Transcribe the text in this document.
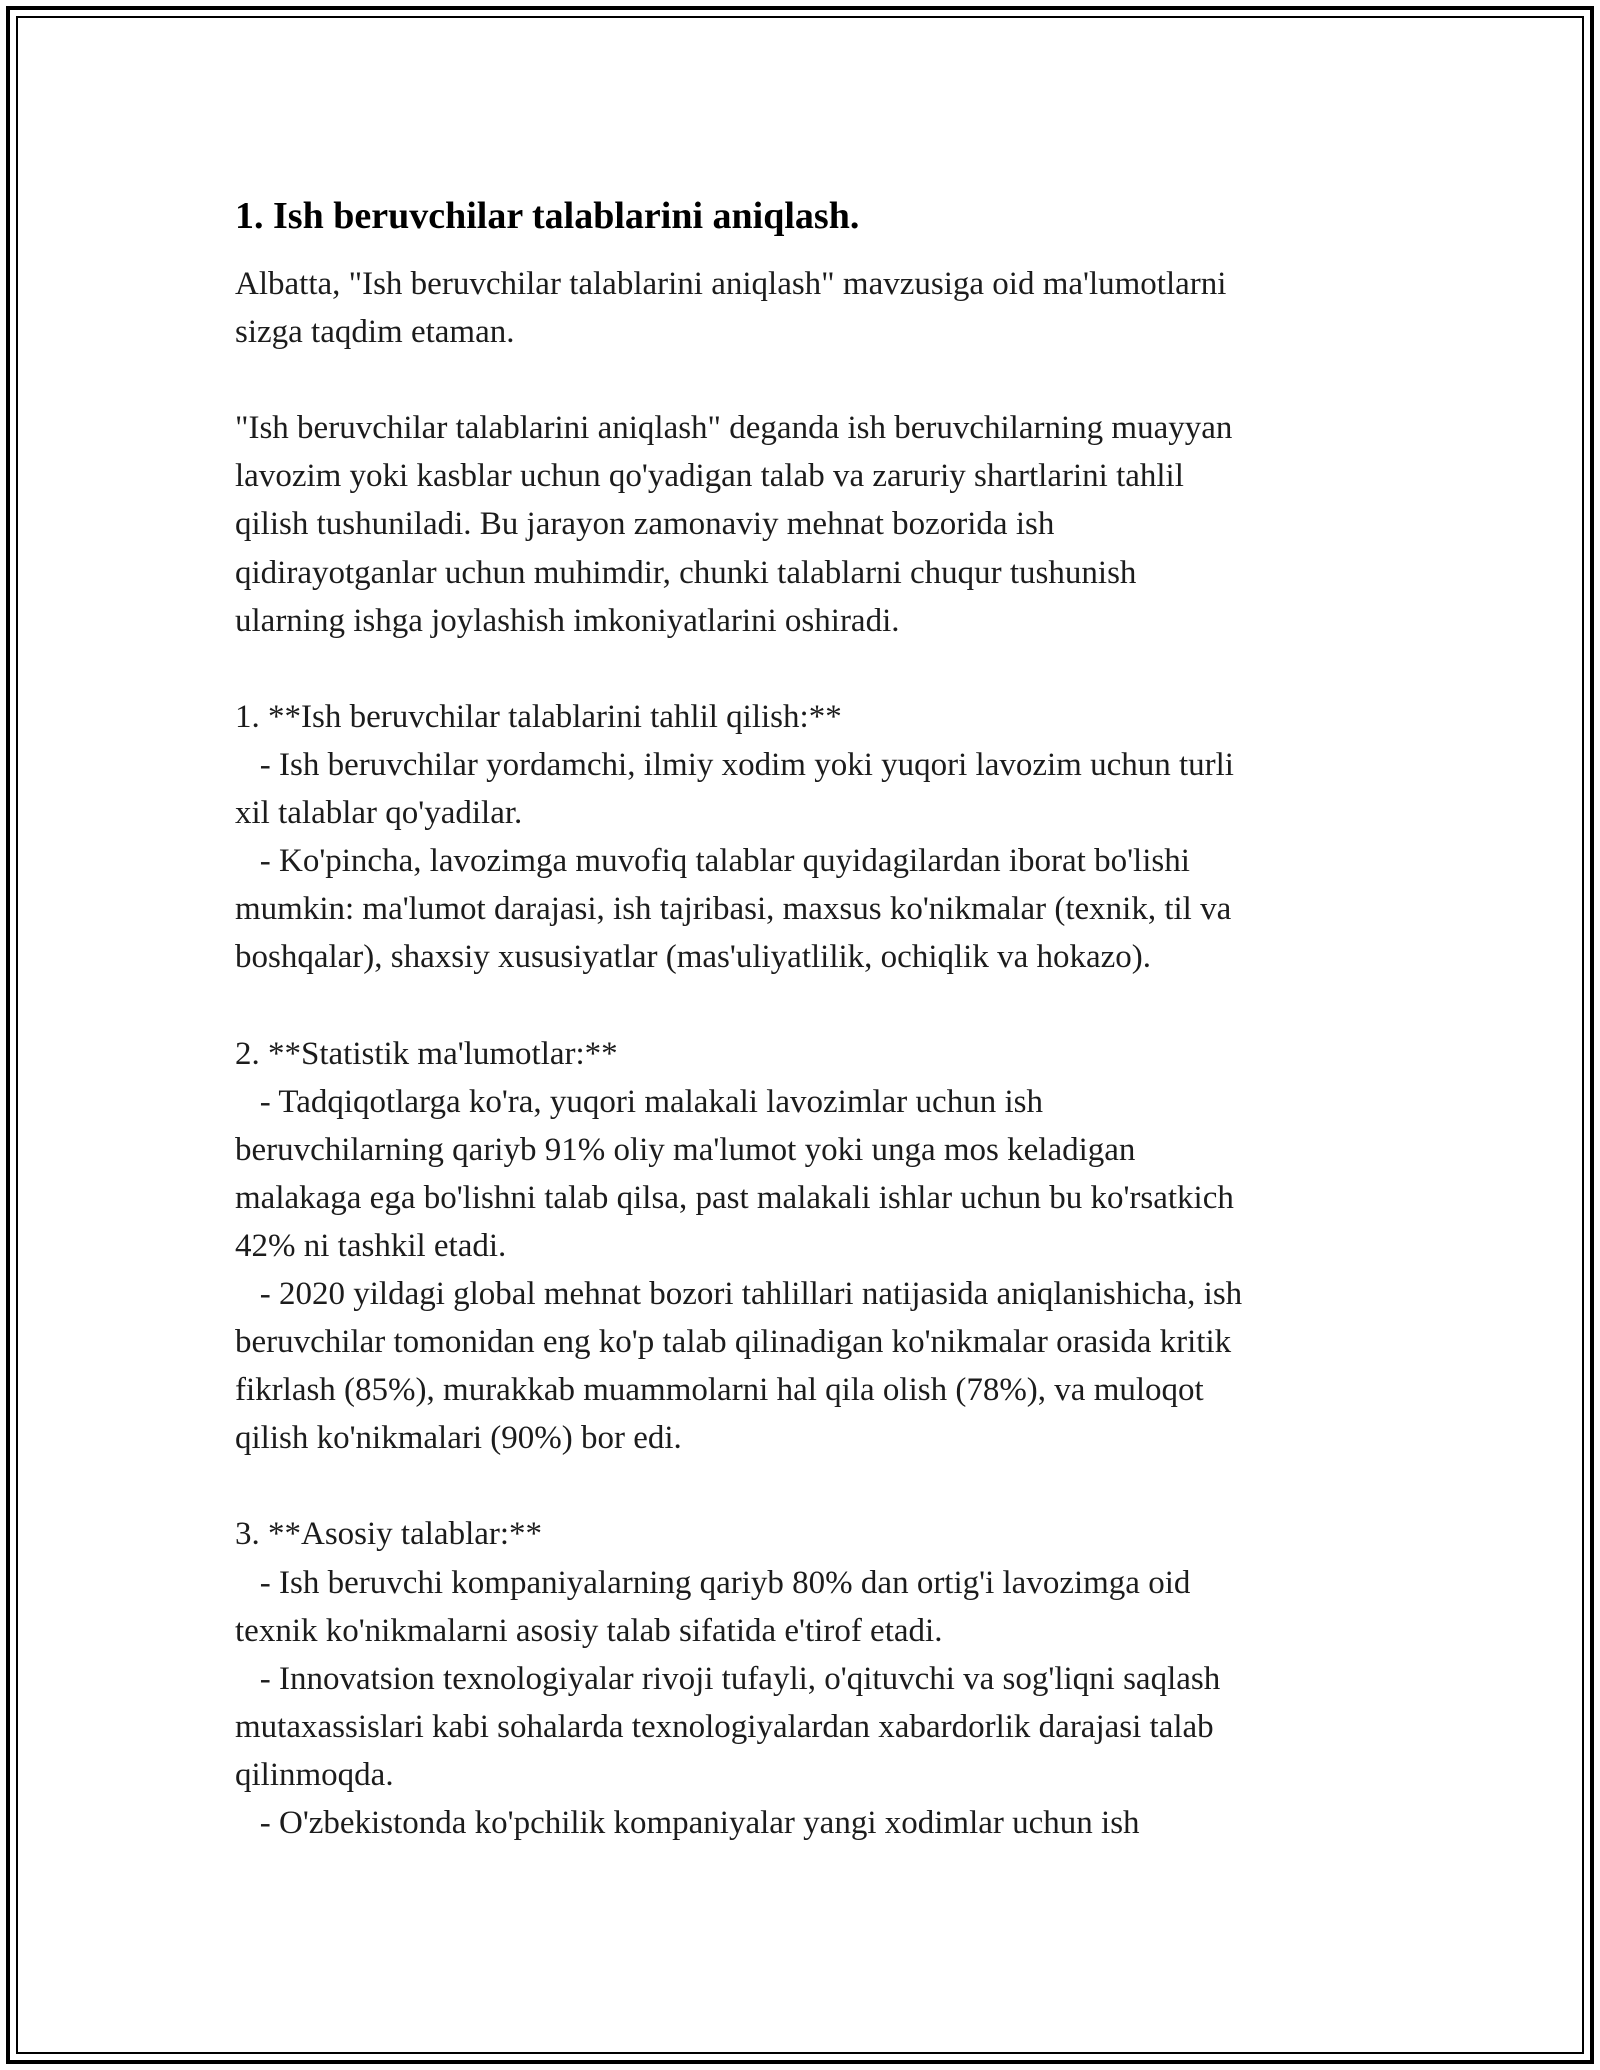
1. Ish beruvchilar talablarini aniqlash.
Albatta, "Ish beruvchilar talablarini aniqlash" mavzusiga oid ma'lumotlarni
sizga taqdim etaman.
"Ish beruvchilar talablarini aniqlash" deganda ish beruvchilarning muayyan
lavozim yoki kasblar uchun qo'yadigan talab va zaruriy shartlarini tahlil
qilish tushuniladi. Bu jarayon zamonaviy mehnat bozorida ish
qidirayotganlar uchun muhimdir, chunki talablarni chuqur tushunish
ularning ishga joylashish imkoniyatlarini oshiradi.
1. **Ish beruvchilar talablarini tahlil qilish:**
- Ish beruvchilar yordamchi, ilmiy xodim yoki yuqori lavozim uchun turli
xil talablar qo'yadilar.
- Ko'pincha, lavozimga muvofiq talablar quyidagilardan iborat bo'lishi
mumkin: ma'lumot darajasi, ish tajribasi, maxsus ko'nikmalar (texnik, til va
boshqalar), shaxsiy xususiyatlar (mas'uliyatlilik, ochiqlik va hokazo).
2. **Statistik ma'lumotlar:**
- Tadqiqotlarga ko'ra, yuqori malakali lavozimlar uchun ish
beruvchilarning qariyb 91% oliy ma'lumot yoki unga mos keladigan
malakaga ega bo'lishni talab qilsa, past malakali ishlar uchun bu ko'rsatkich
42% ni tashkil etadi.
- 2020 yildagi global mehnat bozori tahlillari natijasida aniqlanishicha, ish
beruvchilar tomonidan eng ko'p talab qilinadigan ko'nikmalar orasida kritik
fikrlash (85%), murakkab muammolarni hal qila olish (78%), va muloqot
qilish ko'nikmalari (90%) bor edi.
3. **Asosiy talablar:**
- Ish beruvchi kompaniyalarning qariyb 80% dan ortig'i lavozimga oid
texnik ko'nikmalarni asosiy talab sifatida e'tirof etadi.
- Innovatsion texnologiyalar rivoji tufayli, o'qituvchi va sog'liqni saqlash
mutaxassislari kabi sohalarda texnologiyalardan xabardorlik darajasi talab
qilinmoqda.
- O'zbekistonda ko'pchilik kompaniyalar yangi xodimlar uchun ish
